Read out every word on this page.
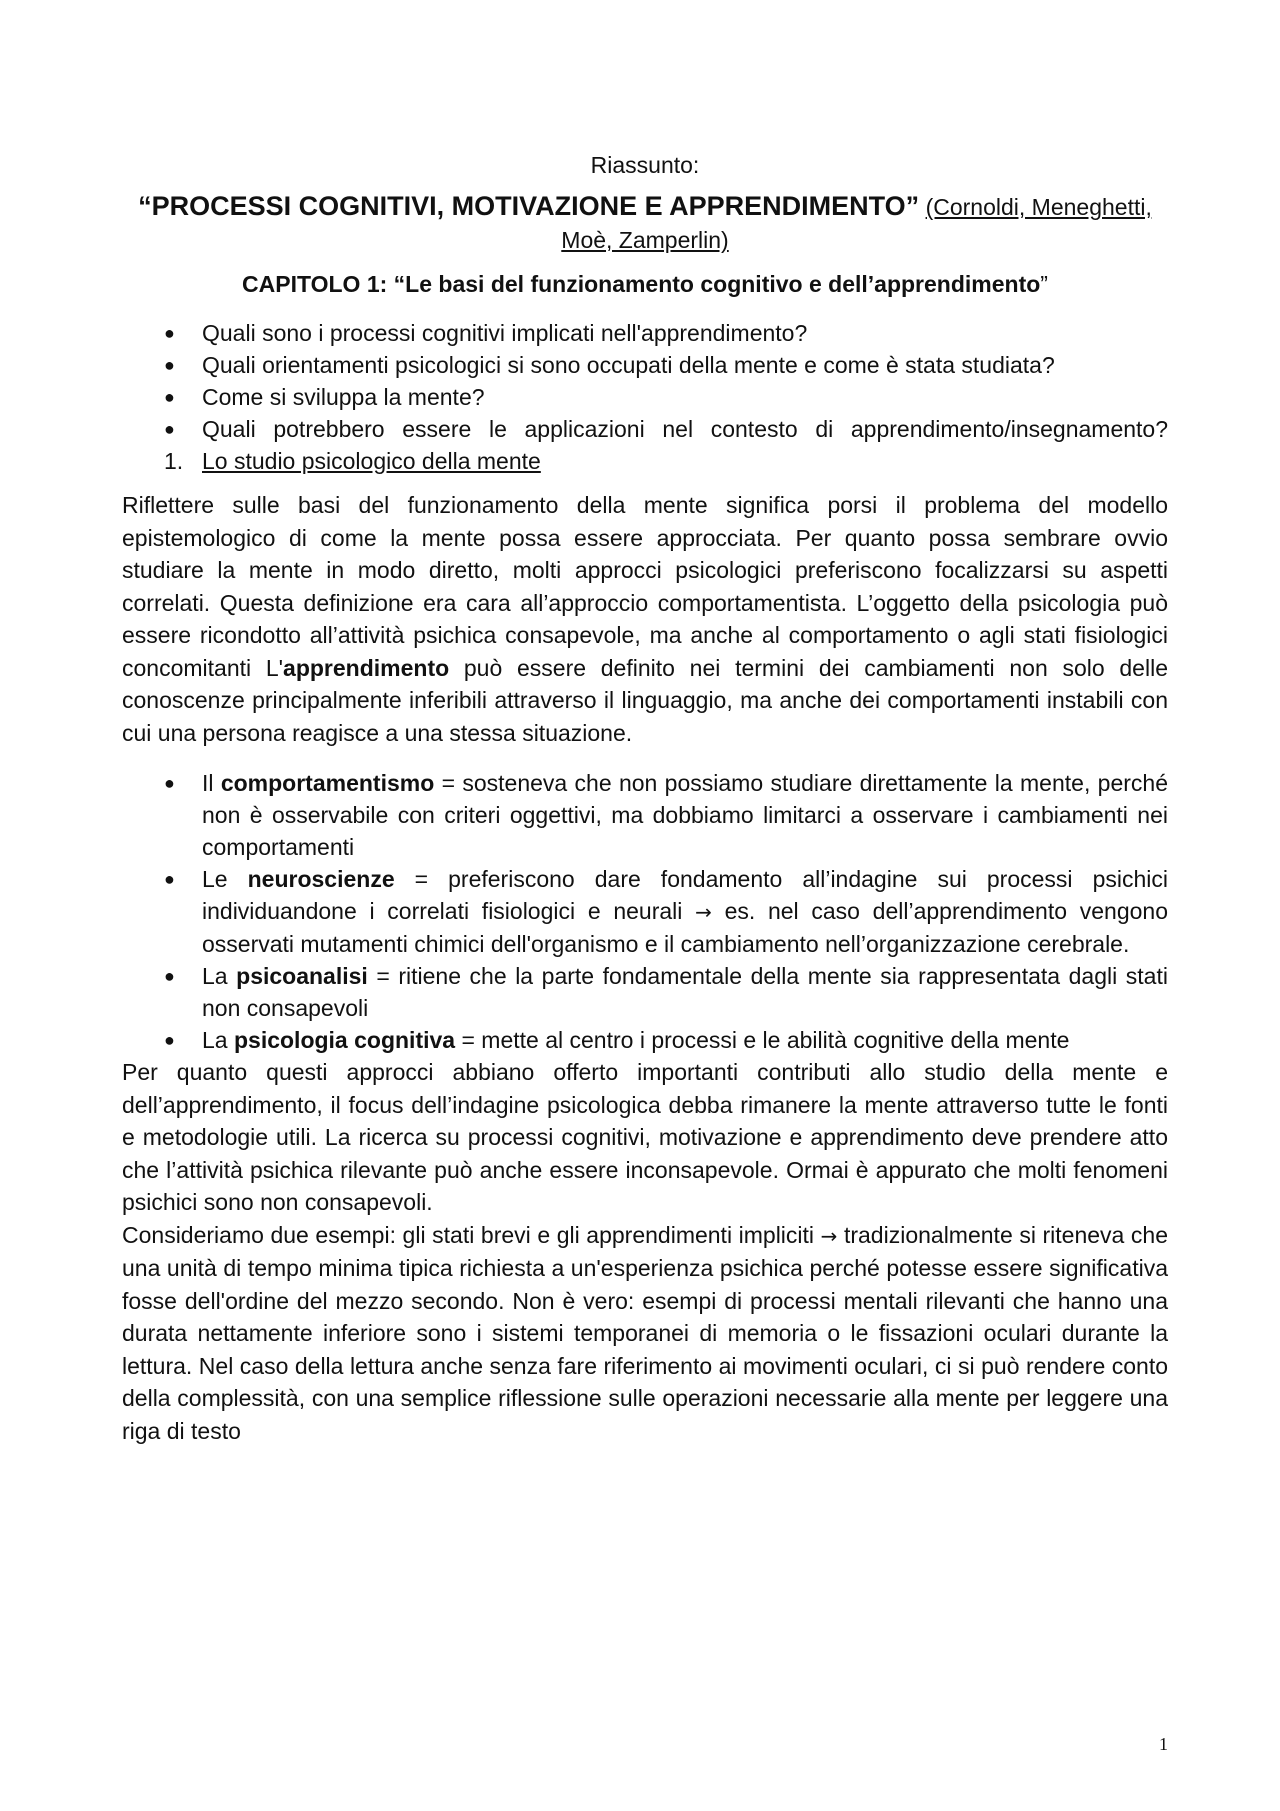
Riassunto:
“PROCESSI COGNITIVI, MOTIVAZIONE E APPRENDIMENTO” (Cornoldi, Meneghetti, Moè, Zamperlin)
CAPITOLO 1: “Le basi del funzionamento cognitivo e dell’apprendimento”
● Quali sono i processi cognitivi implicati nell'apprendimento?
● Quali orientamenti psicologici si sono occupati della mente e come è stata studiata?
● Come si sviluppa la mente?
● Quali potrebbero essere le applicazioni nel contesto di apprendimento/insegnamento?
1. Lo studio psicologico della mente

Riflettere sulle basi del funzionamento della mente significa porsi il problema del modello epistemologico di come la mente possa essere approcciata. Per quanto possa sembrare ovvio studiare la mente in modo diretto, molti approcci psicologici preferiscono focalizzarsi su aspetti correlati. Questa definizione era cara all’approccio comportamentista. L’oggetto della psicologia può essere ricondotto all’attività psichica consapevole, ma anche al comportamento o agli stati fisiologici concomitanti L'apprendimento può essere definito nei termini dei cambiamenti non solo delle conoscenze principalmente inferibili attraverso il linguaggio, ma anche dei comportamenti instabili con cui una persona reagisce a una stessa situazione.

● Il comportamentismo = sosteneva che non possiamo studiare direttamente la mente, perché non è osservabile con criteri oggettivi, ma dobbiamo limitarci a osservare i cambiamenti nei comportamenti
● Le neuroscienze = preferiscono dare fondamento all’indagine sui processi psichici individuandone i correlati fisiologici e neurali → es. nel caso dell’apprendimento vengono osservati mutamenti chimici dell'organismo e il cambiamento nell’organizzazione cerebrale.
● La psicoanalisi = ritiene che la parte fondamentale della mente sia rappresentata dagli stati non consapevoli
● La psicologia cognitiva = mette al centro i processi e le abilità cognitive della mente

Per quanto questi approcci abbiano offerto importanti contributi allo studio della mente e dell’apprendimento, il focus dell’indagine psicologica debba rimanere la mente attraverso tutte le fonti e metodologie utili. La ricerca su processi cognitivi, motivazione e apprendimento deve prendere atto che l’attività psichica rilevante può anche essere inconsapevole. Ormai è appurato che molti fenomeni psichici sono non consapevoli.

Consideriamo due esempi: gli stati brevi e gli apprendimenti impliciti → tradizionalmente si riteneva che una unità di tempo minima tipica richiesta a un'esperienza psichica perché potesse essere significativa fosse dell'ordine del mezzo secondo. Non è vero: esempi di processi mentali rilevanti che hanno una durata nettamente inferiore sono i sistemi temporanei di memoria o le fissazioni oculari durante la lettura. Nel caso della lettura anche senza fare riferimento ai movimenti oculari, ci si può rendere conto della complessità, con una semplice riflessione sulle operazioni necessarie alla mente per leggere una riga di testo

1
